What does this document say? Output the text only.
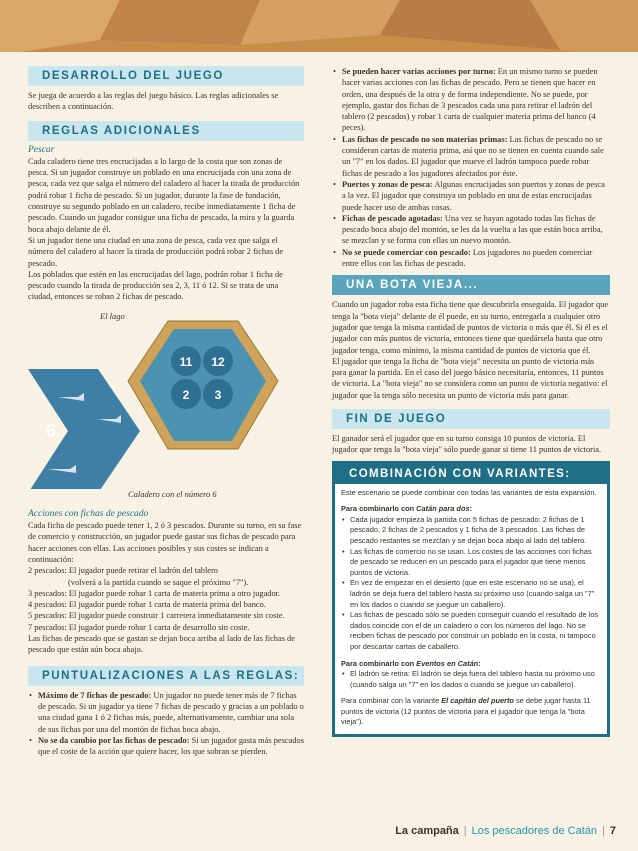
DESARROLLO DEL JUEGO

Se juega de acuerdo a las reglas del juego básico. Las reglas adicionales se describen a continuación.

REGLAS ADICIONALES

Pescar

Cada caladero tiene tres encrucijadas a lo largo de la costa que son zonas de pesca. Si un jugador construye un poblado en una encrucijada con una zona de pesca, cada vez que salga el número del caladero al hacer la tirada de producción podrá robar 1 ficha de pescado. Si un jugador, durante la fase de fundación, construye su segundo poblado en un caladero, recibe inmediatamente 1 ficha de pescado. Cuando un jugador consigue una ficha de pescado, la mira y la guarda boca abajo delante de él.

Si un jugador tiene una ciudad en una zona de pesca, cada vez que salga el número del caladero al hacer la tirada de producción podrá robar 2 fichas de pescado.

Los poblados que estén en las encrucijadas del lago, podrán robar 1 ficha de pescado cuando la tirada de producción sea 2, 3, 11 ó 12. Si se trata de una ciudad, entonces se roban 2 fichas de pescado.

El lago
11 12
2 3
6.
Caladero con el número 6

Acciones con fichas de pescado

Cada ficha de pescado puede tener 1, 2 ó 3 pescados. Durante su turno, en su fase de comercio y construcción, un jugador puede gastar sus fichas de pescado para hacer acciones con ellas. Las acciones posibles y sus costes se indican a continuación:

2 pescados: El jugador puede retirar el ladrón del tablero

(volverá a la partida cuando se saque el próximo "7").

3 pescados: El jugador puede robar 1 carta de materia prima a otro jugador.

4 pescados: El jugador puede robar 1 carta de materia prima del banco.

5 pescados: El jugador puede construir 1 carretera inmediatamente sin coste.

7 pescados: El jugador puede robar 1 carta de desarrollo sin coste.

Las fichas de pescado que se gastan se dejan boca arriba al lado de las fichas de pescado que están aún boca abajo.

PUNTUALIZACIONES A LAS REGLAS:
• Máximo de 7 fichas de pescado: Un jugador no puede tener más de 7 fichas de pescado. Si un jugador ya tiene 7 fichas de pescado y gracias a un poblado o una ciudad gana 1 ó 2 fichas más, puede, alternativamente, cambiar una sola de sus fichas por una del montón de fichas boca abajo.
• No se da cambio por las fichas de pescado: Si un jugador gasta más pescados que el coste de la acción que quiere hacer, los que sobran se pierden.
• Se pueden hacer varias acciones por turno: En un mismo turno se pueden hacer varias acciones con las fichas de pescado. Pero se tienen que hacer en orden, una después de la otra y de forma independiente. No se puede, por ejemplo, gastar dos fichas de 3 pescados cada una para retirar el ladrón del tablero (2 pescados) y robar 1 carta de cualquier materia prima del banco (4 peces).
• Las fichas de pescado no son materias primas: Las fichas de pescado no se consideran cartas de materia prima, así que no se tienen en cuenta cuando sale un "7" en los dados. El jugador que mueve el ladrón tampoco puede robar fichas de pescado a los jugadores afectados por éste.
• Puertos y zonas de pesca: Algunas encrucijadas son puertos y zonas de pesca a la vez. El jugador que construya un poblado en una de estas encrucijadas puede hacer uso de ambas cosas.
• Fichas de pescado agotadas: Una vez se hayan agotado todas las fichas de pescado boca abajo del montón, se les da la vuelta a las que están boca arriba, se mezclan y se forma con ellas un nuevo montón.
• No se puede comerciar con pescado: Los jugadores no pueden comerciar entre ellos con las fichas de pescado.
UNA BOTA VIEJA...

Cuando un jugador roba esta ficha tiene que descubrirla enseguida. El jugador que tenga la "bota vieja" delante de él puede, en su turno, entregarla a cualquier otro jugador que tenga la misma cantidad de puntos de victoria o más que él. Si él es el jugador con más puntos de victoria, entonces tiene que quedársela hasta que otro jugador tenga, como mínimo, la misma cantidad de puntos de victoria que él.

El jugador que tenga la ficha de "bota vieja" necesita un punto de victoria más para ganar la partida. En el caso del juego básico necesitaría, entonces, 11 puntos de victoria. La "bota vieja" no se considera como un punto de victoria negativo: el jugador que la tenga sólo necesita un punto de victoria más para ganar.

FIN DE JUEGO

El ganador será el jugador que en su turno consiga 10 puntos de victoria. El jugador que tenga la "bota vieja" sólo puede ganar si tiene 11 puntos de victoria.

COMBINACIÓN CON VARIANTES:

Este escenario se puede combinar con todas las variantes de esta expansión.

Para combinarlo con Catán para dos:

• Cada jugador empieza la partida con 5 fichas de pescado: 2 fichas de 1 pescado, 2 fichas de 2 pescados y 1 ficha de 3 pescados. Las fichas de pescado restantes se mezclan y se dejan boca abajo al lado del tablero.
• Las fichas de comercio no se usan. Los costes de las acciones con fichas de pescado se reducen en un pescado para el jugador que tiene menos puntos de victoria.
• En vez de empezar en el desierto (que en este escenario no se usa), el ladrón se deja fuera del tablero hasta su próximo uso (cuando salga un "7" en los dados o cuando se juegue un caballero).
• Las fichas de pescado sólo se pueden conseguir cuando el resultado de los dados coincide con el de un caladero o con los números del lago. No se reciben fichas de pescado por construir un poblado en la costa, ni tampoco por descartar cartas de caballero.

Para combinarlo con Eventos en Catán:

• El ladrón se retira: El ladrón se deja fuera del tablero hasta su próximo uso (cuando salga un "7" en los dados o cuando se juegue un caballero).

Para combinar con la variante El capitán del puerto se debe jugar hasta 11 puntos de victoria (12 puntos de victoria para el jugador que tenga la "bota vieja").

La campaña | Los pescadores de Catán | 7
